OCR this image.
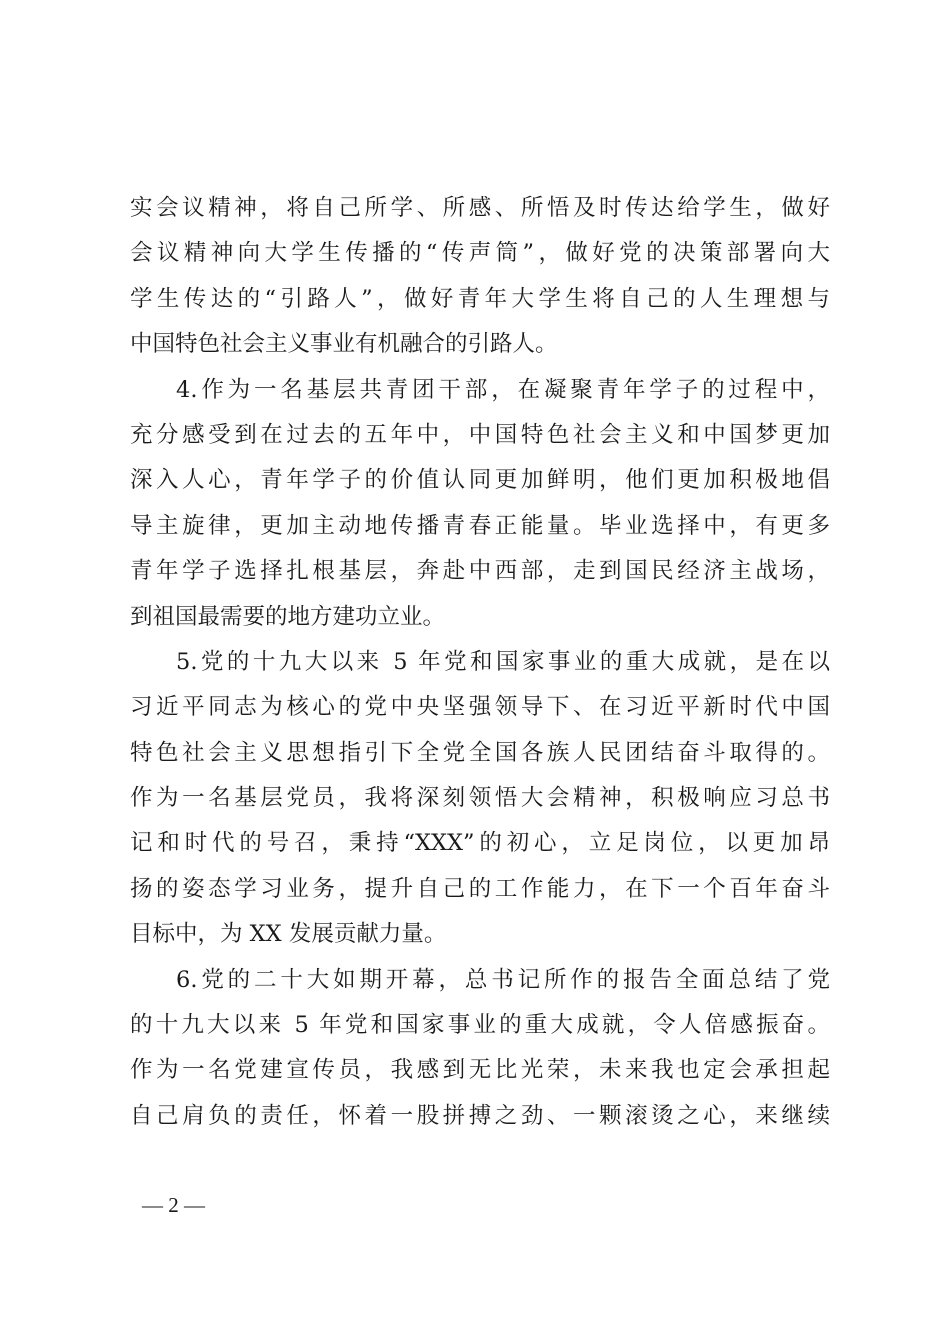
实会议精神，将自己所学、所感、所悟及时传达给学生，做好
会议精神向大学生传播的“传声筒”，做好党的决策部署向大
学生传达的“引路人”，做好青年大学生将自己的人生理想与
中国特色社会主义事业有机融合的引路人。
4.作为一名基层共青团干部，在凝聚青年学子的过程中，
充分感受到在过去的五年中，中国特色社会主义和中国梦更加
深入人心，青年学子的价值认同更加鲜明，他们更加积极地倡
导主旋律，更加主动地传播青春正能量。毕业选择中，有更多
青年学子选择扎根基层，奔赴中西部，走到国民经济主战场，
到祖国最需要的地方建功立业。
5.党的十九大以来 5 年党和国家事业的重大成就，是在以
习近平同志为核心的党中央坚强领导下、在习近平新时代中国
特色社会主义思想指引下全党全国各族人民团结奋斗取得的。
作为一名基层党员，我将深刻领悟大会精神，积极响应习总书
记和时代的号召，秉持“XXX”的初心，立足岗位，以更加昂
扬的姿态学习业务，提升自己的工作能力，在下一个百年奋斗
目标中，为 XX 发展贡献力量。
6.党的二十大如期开幕，总书记所作的报告全面总结了党
的十九大以来 5 年党和国家事业的重大成就，令人倍感振奋。
作为一名党建宣传员，我感到无比光荣，未来我也定会承担起
自己肩负的责任，怀着一股拼搏之劲、一颗滚烫之心，来继续
— 2 —
